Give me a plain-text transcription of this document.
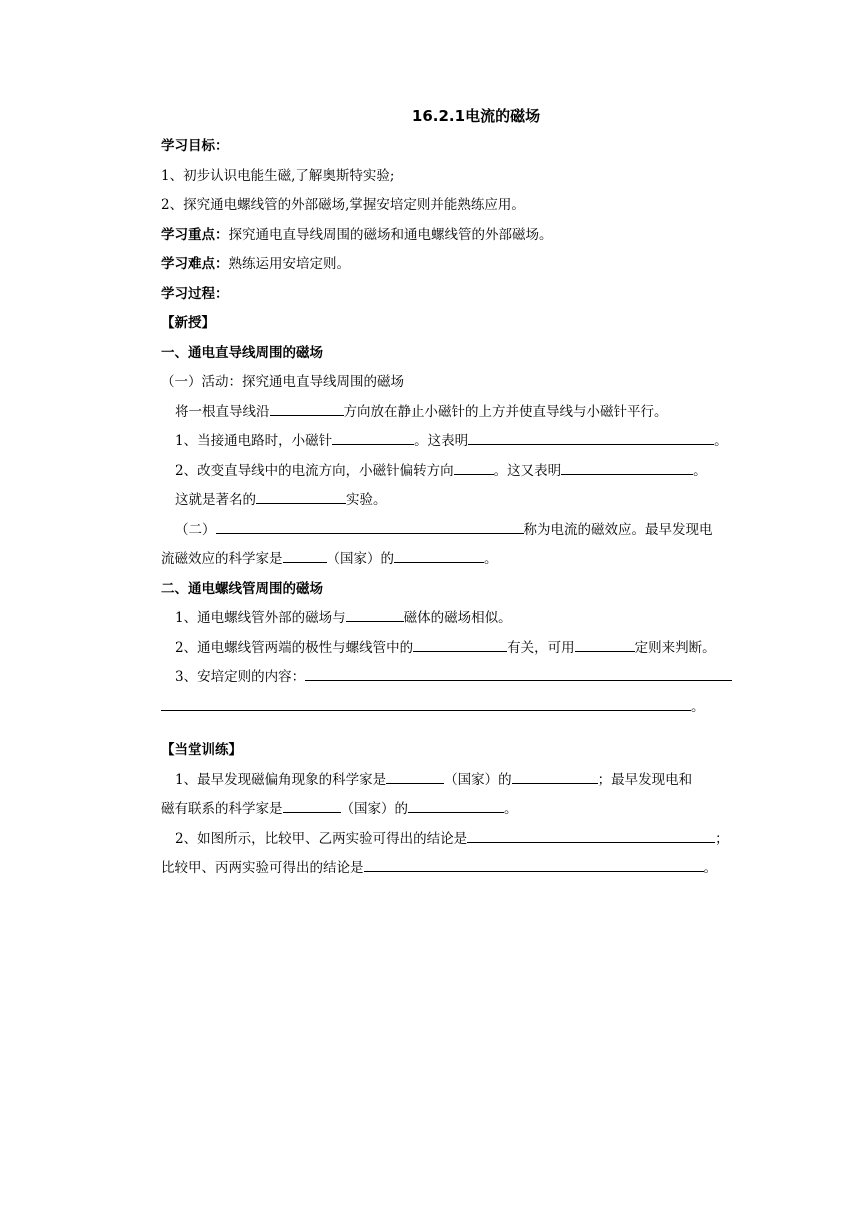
16.2.1电流的磁场
学习目标：
1、初步认识电能生磁,了解奥斯特实验;
2、探究通电螺线管的外部磁场,掌握安培定则并能熟练应用。
学习重点：探究通电直导线周围的磁场和通电螺线管的外部磁场。
学习难点：熟练运用安培定则。
学习过程：
【新授】
一、通电直导线周围的磁场
（一）活动：探究通电直导线周围的磁场
将一根直导线沿	方向放在静止小磁针的上方并使直导线与小磁针平行。
1、当接通电路时，小磁针	。这表明	。
2、改变直导线中的电流方向，小磁针偏转方向	。这又表明	。
这就是著名的	实验。
（二）	称为电流的磁效应。最早发现电
流磁效应的科学家是	（国家）的	。
二、通电螺线管周围的磁场
1、通电螺线管外部的磁场与	磁体的磁场相似。
2、通电螺线管两端的极性与螺线管中的	有关，可用	定则来判断。
3、安培定则的内容：
。
【当堂训练】
1、最早发现磁偏角现象的科学家是	（国家）的	；最早发现电和
磁有联系的科学家是	（国家）的	。
2、如图所示，比较甲、乙两实验可得出的结论是	；
比较甲、丙两实验可得出的结论是	。
